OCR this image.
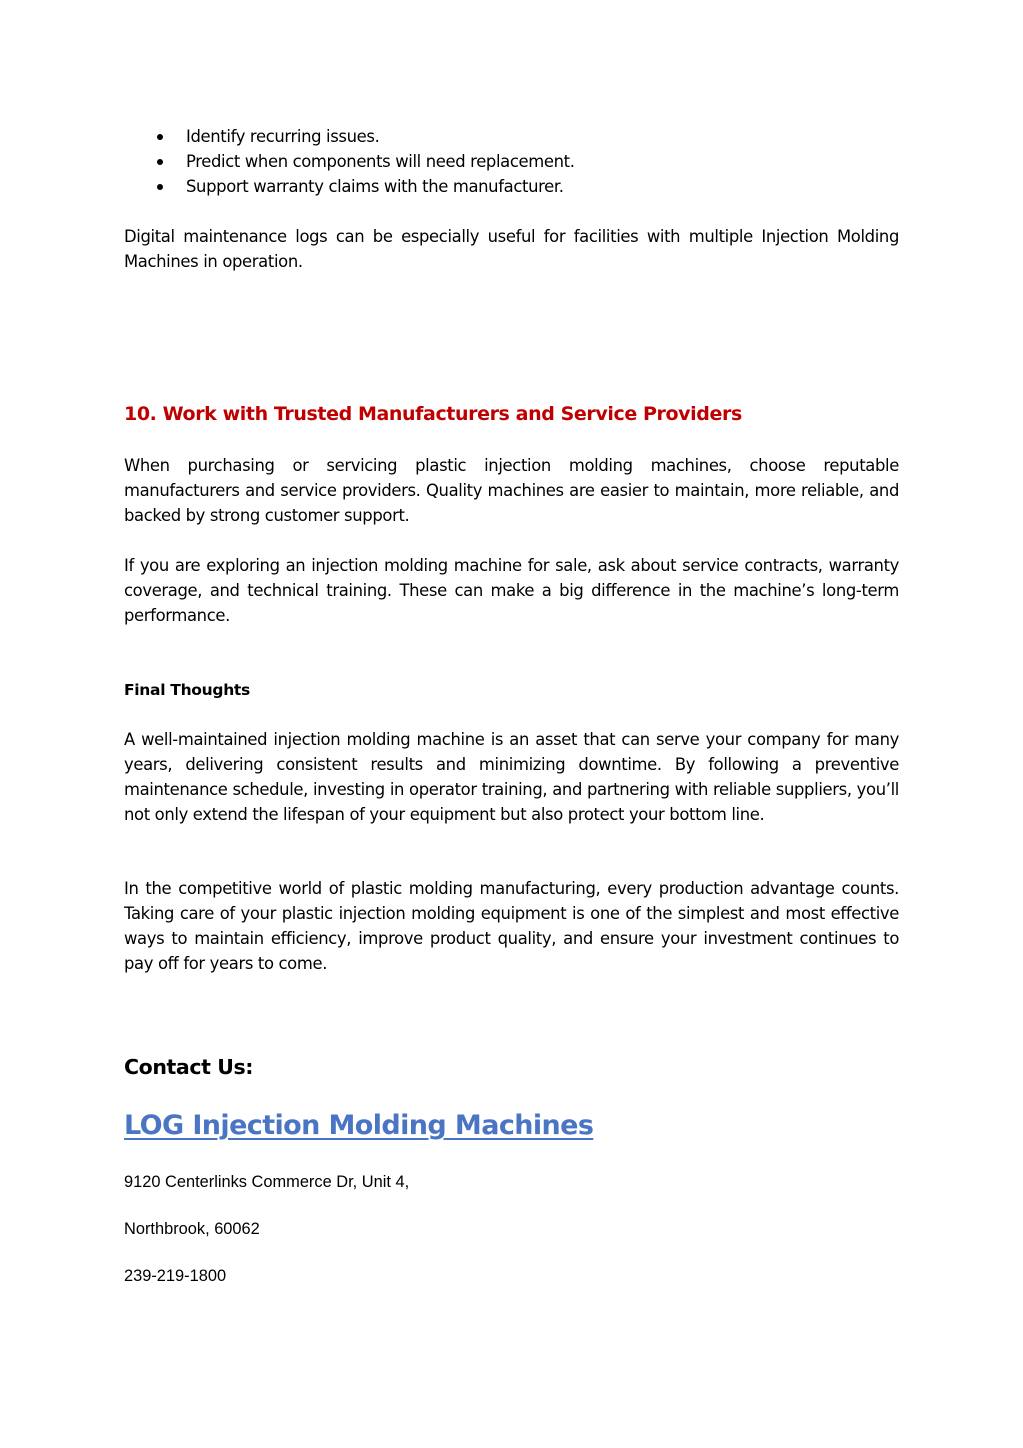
Identify recurring issues.
Predict when components will need replacement.
Support warranty claims with the manufacturer.

Digital maintenance logs can be especially useful for facilities with multiple Injection Molding Machines in operation.

10. Work with Trusted Manufacturers and Service Providers

When purchasing or servicing plastic injection molding machines, choose reputable manufacturers and service providers. Quality machines are easier to maintain, more reliable, and backed by strong customer support.

If you are exploring an injection molding machine for sale, ask about service contracts, warranty coverage, and technical training. These can make a big difference in the machine’s long-term performance.

Final Thoughts

A well-maintained injection molding machine is an asset that can serve your company for many years, delivering consistent results and minimizing downtime. By following a preventive maintenance schedule, investing in operator training, and partnering with reliable suppliers, you’ll not only extend the lifespan of your equipment but also protect your bottom line.

In the competitive world of plastic molding manufacturing, every production advantage counts. Taking care of your plastic injection molding equipment is one of the simplest and most effective ways to maintain efficiency, improve product quality, and ensure your investment continues to pay off for years to come.

Contact Us:
LOG Injection Molding Machines

9120 Centerlinks Commerce Dr, Unit 4,

Northbrook, 60062

239-219-1800
